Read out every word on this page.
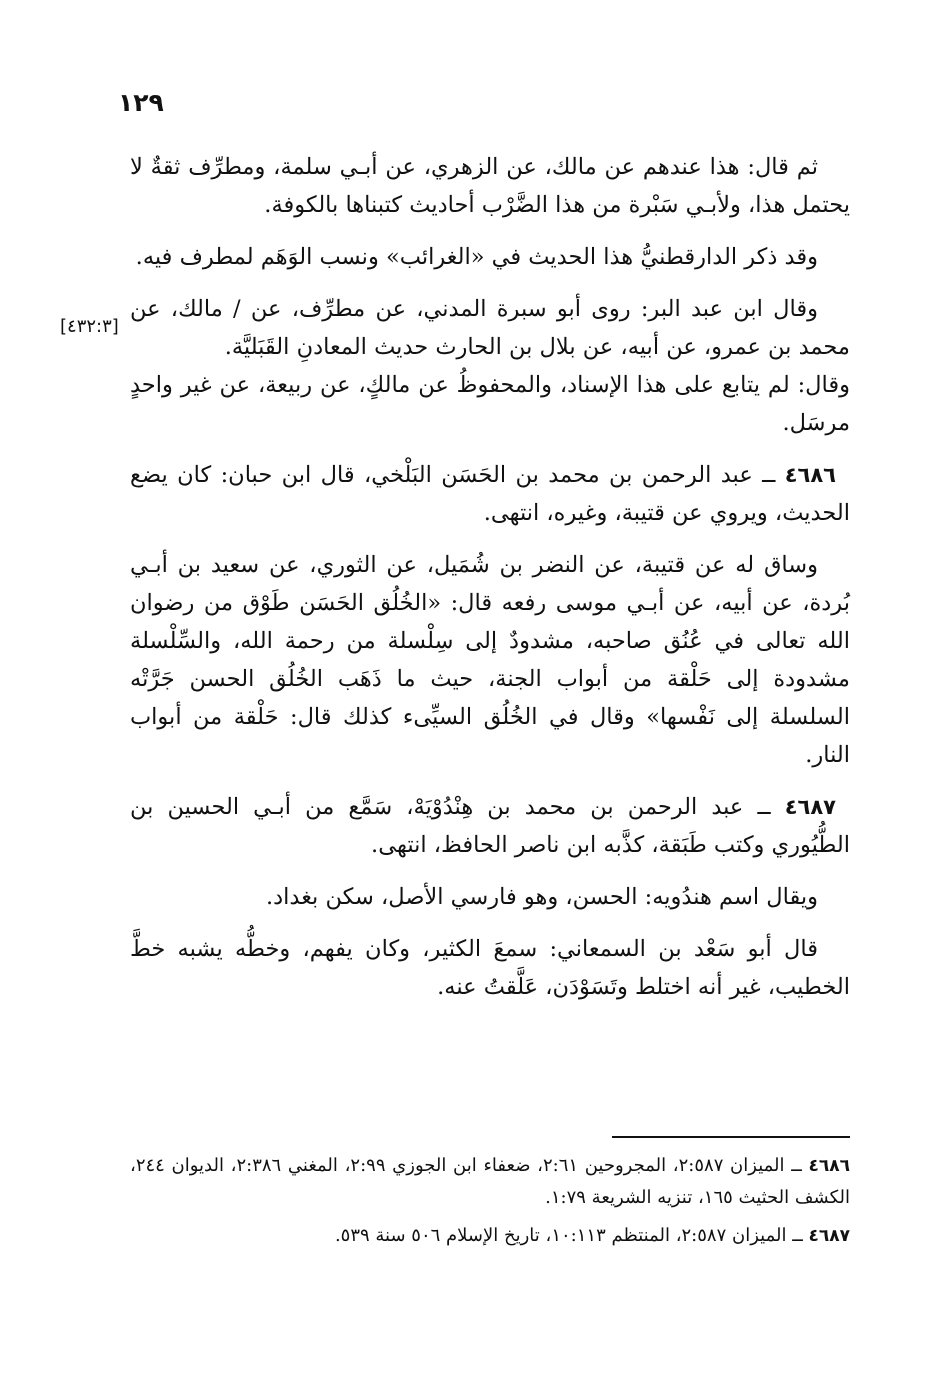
١٢٩
[٤٣٢:٣]

ثم قال: هذا عندهم عن مالك، عن الزهري، عن أبـي سلمة، ومطرِّف ثقةٌ لا يحتمل هذا، ولأبـي سَبْرة من هذا الضَّرْب أحاديث كتبناها بالكوفة.

وقد ذكر الدارقطنيُّ هذا الحديث في «الغرائب» ونسب الوَهَم لمطرف فيه.

وقال ابن عبد البر: روى أبو سبرة المدني، عن مطرِّف، عن / مالك، عن محمد بن عمرو، عن أبيه، عن بلال بن الحارث حديث المعادنِ القَبَليَّة.

وقال: لم يتابع على هذا الإسناد، والمحفوظُ عن مالكٍ، عن ربيعة، عن غير واحدٍ مرسَل.

٤٦٨٦ ــ عبد الرحمن بن محمد بن الحَسَن البَلْخي، قال ابن حبان: كان يضع الحديث، ويروي عن قتيبة، وغيره، انتهى.

وساق له عن قتيبة، عن النضر بن شُمَيل، عن الثوري، عن سعيد بن أبـي بُردة، عن أبيه، عن أبـي موسى رفعه قال: «الخُلُق الحَسَن طَوْق من رضوان الله تعالى في عُنُق صاحبه، مشدودٌ إلى سِلْسلة من رحمة الله، والسِّلْسلة مشدودة إلى حَلْقة من أبواب الجنة، حيث ما ذَهَب الخُلُق الحسن جَرَّتْه السلسلة إلى نَفْسها» وقال في الخُلُق السيِّىء كذلك قال: حَلْقة من أبواب النار.

٤٦٨٧ ــ عبد الرحمن بن محمد بن هِنْدُوْيَهْ، سَمَّع من أبـي الحسين بن الطُّيُوري وكتب طَبَقة، كذَّبه ابن ناصر الحافظ، انتهى.

ويقال اسم هندُويه: الحسن، وهو فارسي الأصل، سكن بغداد.

قال أبو سَعْد بن السمعاني: سمعَ الكثير، وكان يفهم، وخطُّه يشبه خطَّ الخطيب، غير أنه اختلط وتَسَوْدَن، عَلَّقتُ عنه.

٤٦٨٦ ــ الميزان ٢:٥٨٧، المجروحين ٢:٦١، ضعفاء ابن الجوزي ٢:٩٩، المغني ٢:٣٨٦، الديوان ٢٤٤، الكشف الحثيث ١٦٥، تنزيه الشريعة ١:٧٩.

٤٦٨٧ ــ الميزان ٢:٥٨٧، المنتظم ١٠:١١٣، تاريخ الإسلام ٥٠٦ سنة ٥٣٩.
